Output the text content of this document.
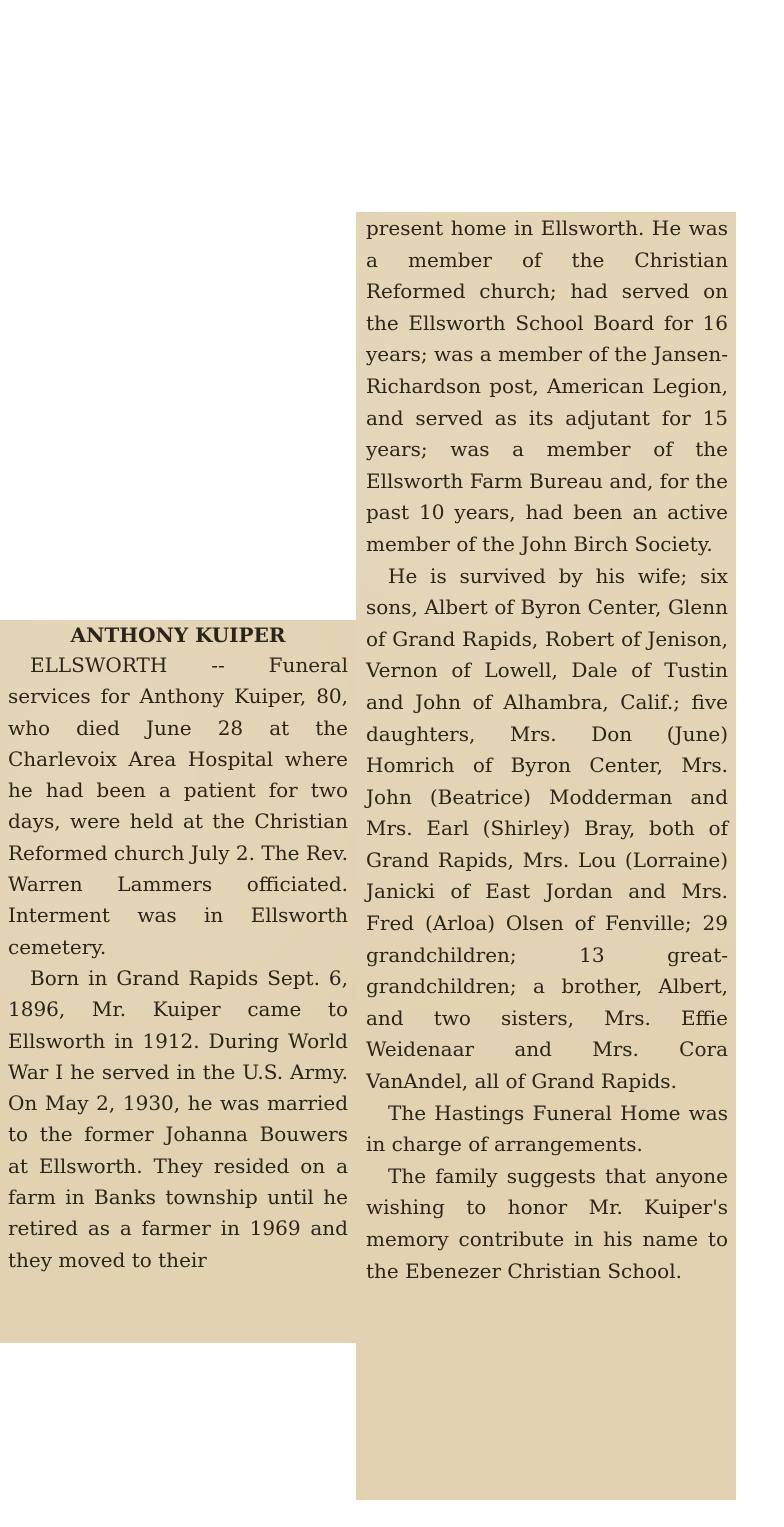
ANTHONY KUIPER

ELLSWORTH -- Funeral services for Anthony Kuiper, 80, who died June 28 at the Charlevoix Area Hospital where he had been a patient for two days, were held at the Christian Reformed church July 2. The Rev. Warren Lammers officiated. Interment was in Ellsworth cemetery.

Born in Grand Rapids Sept. 6, 1896, Mr. Kuiper came to Ellsworth in 1912. During World War I he served in the U.S. Army. On May 2, 1930, he was married to the former Johanna Bouwers at Ellsworth. They resided on a farm in Banks township until he retired as a farmer in 1969 and they moved to their

present home in Ellsworth. He was a member of the Christian Reformed church; had served on the Ellsworth School Board for 16 years; was a member of the Jansen-Richardson post, American Legion, and served as its adjutant for 15 years; was a member of the Ellsworth Farm Bureau and, for the past 10 years, had been an active member of the John Birch Society.

He is survived by his wife; six sons, Albert of Byron Center, Glenn of Grand Rapids, Robert of Jenison, Vernon of Lowell, Dale of Tustin and John of Alhambra, Calif.; five daughters, Mrs. Don (June) Homrich of Byron Center, Mrs. John (Beatrice) Modderman and Mrs. Earl (Shirley) Bray, both of Grand Rapids, Mrs. Lou (Lorraine) Janicki of East Jordan and Mrs. Fred (Arloa) Olsen of Fenville; 29 grandchildren; 13 great-grandchildren; a brother, Albert, and two sisters, Mrs. Effie Weidenaar and Mrs. Cora VanAndel, all of Grand Rapids.

The Hastings Funeral Home was in charge of arrangements.

The family suggests that anyone wishing to honor Mr. Kuiper's memory contribute in his name to the Ebenezer Christian School.
